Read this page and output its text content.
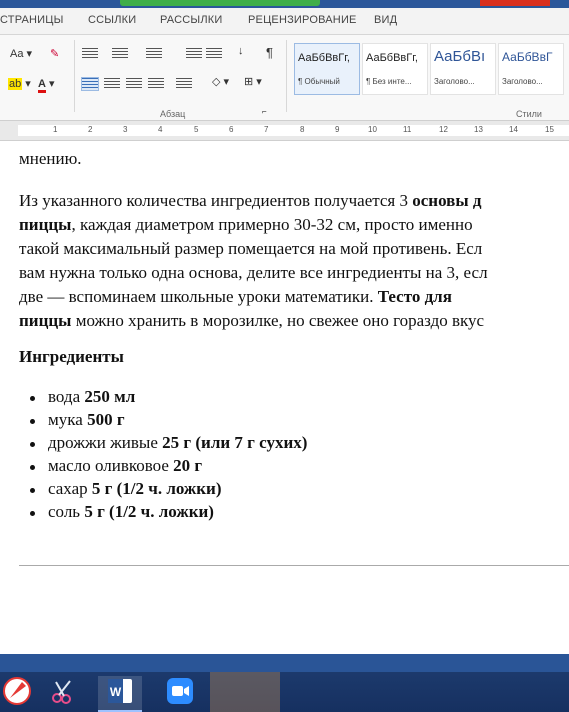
СТРАНИЦЫ ССЫЛКИ РАССЫЛКИ РЕЦЕНЗИРОВАНИЕ ВИД
Aa ▾ ✎
ab ▾ A ▾
↓ ¶
◇ ▾ ⊞ ▾
Абзац	⌐
АаБбВвГг,
¶ Обычный
АаБбВвГг,
¶ Без инте...
АаБбВı
Заголово...
АаБбВвГ
Заголово...
Стили
1	2	3	4	5	6	7	8	9	10	11	12	13	14	15
мнению.
Из указанного количества ингредиентов получается 3 основы д
пиццы, каждая диаметром примерно 30-32 см, просто именно
такой максимальный размер помещается на мой противень. Есл
вам нужна только одна основа, делите все ингредиенты на 3, есл
две — вспоминаем школьные уроки математики. Тесто для
пиццы можно хранить в морозилке, но свежее оно гораздо вкус
Ингредиенты
вода 250 мл
мука 500 г
дрожжи живые 25 г (или 7 г сухих)
масло оливковое 20 г
сахар 5 г (1/2 ч. ложки)
соль 5 г (1/2 ч. ложки)
W
